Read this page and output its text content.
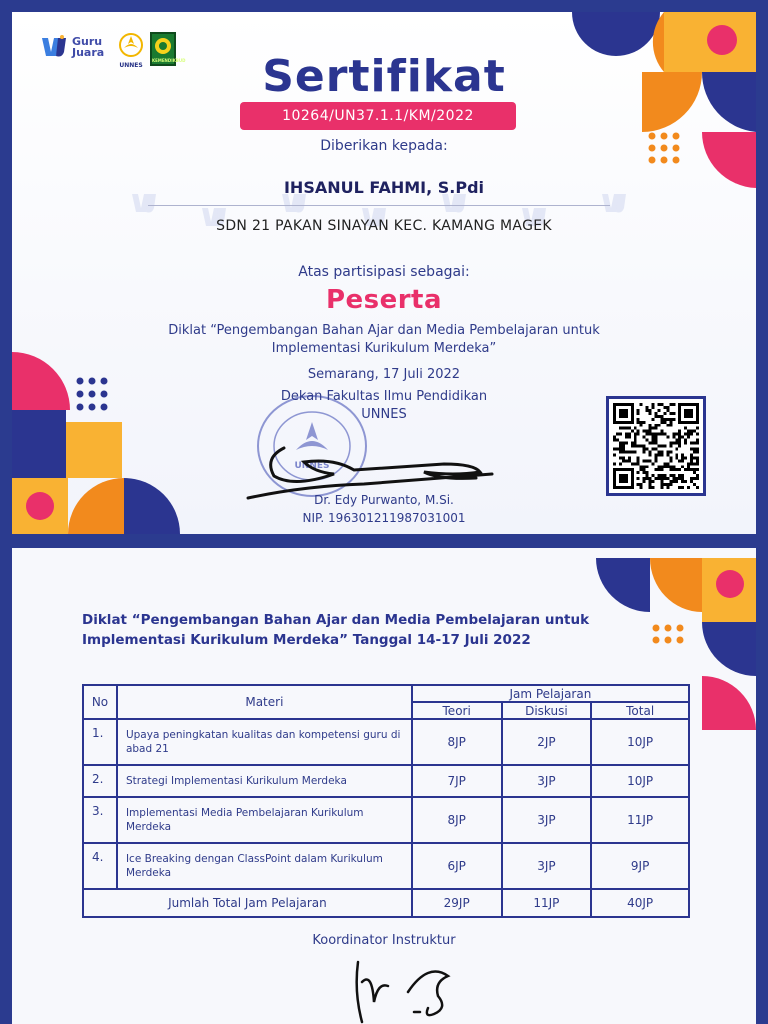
Guru
Juara
UNNES
KEMENDIKBUD	Sertifikat
10264/UN37.1.1/KM/2022
Diberikan kepada:
IHSANUL FAHMI, S.Pdi
SDN 21 PAKAN SINAYAN KEC. KAMANG MAGEK
Atas partisipasi sebagai:
Peserta
Diklat “Pengembangan Bahan Ajar dan Media Pembelajaran untuk
Implementasi Kurikulum Merdeka”
Semarang, 17 Juli 2022
UNNES
Dekan Fakultas Ilmu Pendidikan
UNNES
Dr. Edy Purwanto, M.Si.
NIP. 196301211987031001
Diklat “Pengembangan Bahan Ajar dan Media Pembelajaran untuk
Implementasi Kurikulum Merdeka” Tanggal 14-17 Juli 2022
No	Materi	Jam Pelajaran		
		Teori	Diskusi	Total
1.	Upaya peningkatan kualitas dan kompetensi guru di abad 21	8JP	2JP	10JP
2.	Strategi Implementasi Kurikulum Merdeka	7JP	3JP	10JP
3.	Implementasi Media Pembelajaran Kurikulum Merdeka	8JP	3JP	11JP
4.	Ice Breaking dengan ClassPoint dalam Kurikulum Merdeka	6JP	3JP	9JP
Jumlah Total Jam Pelajaran		29JP	11JP	40JP
Koordinator Instruktur
